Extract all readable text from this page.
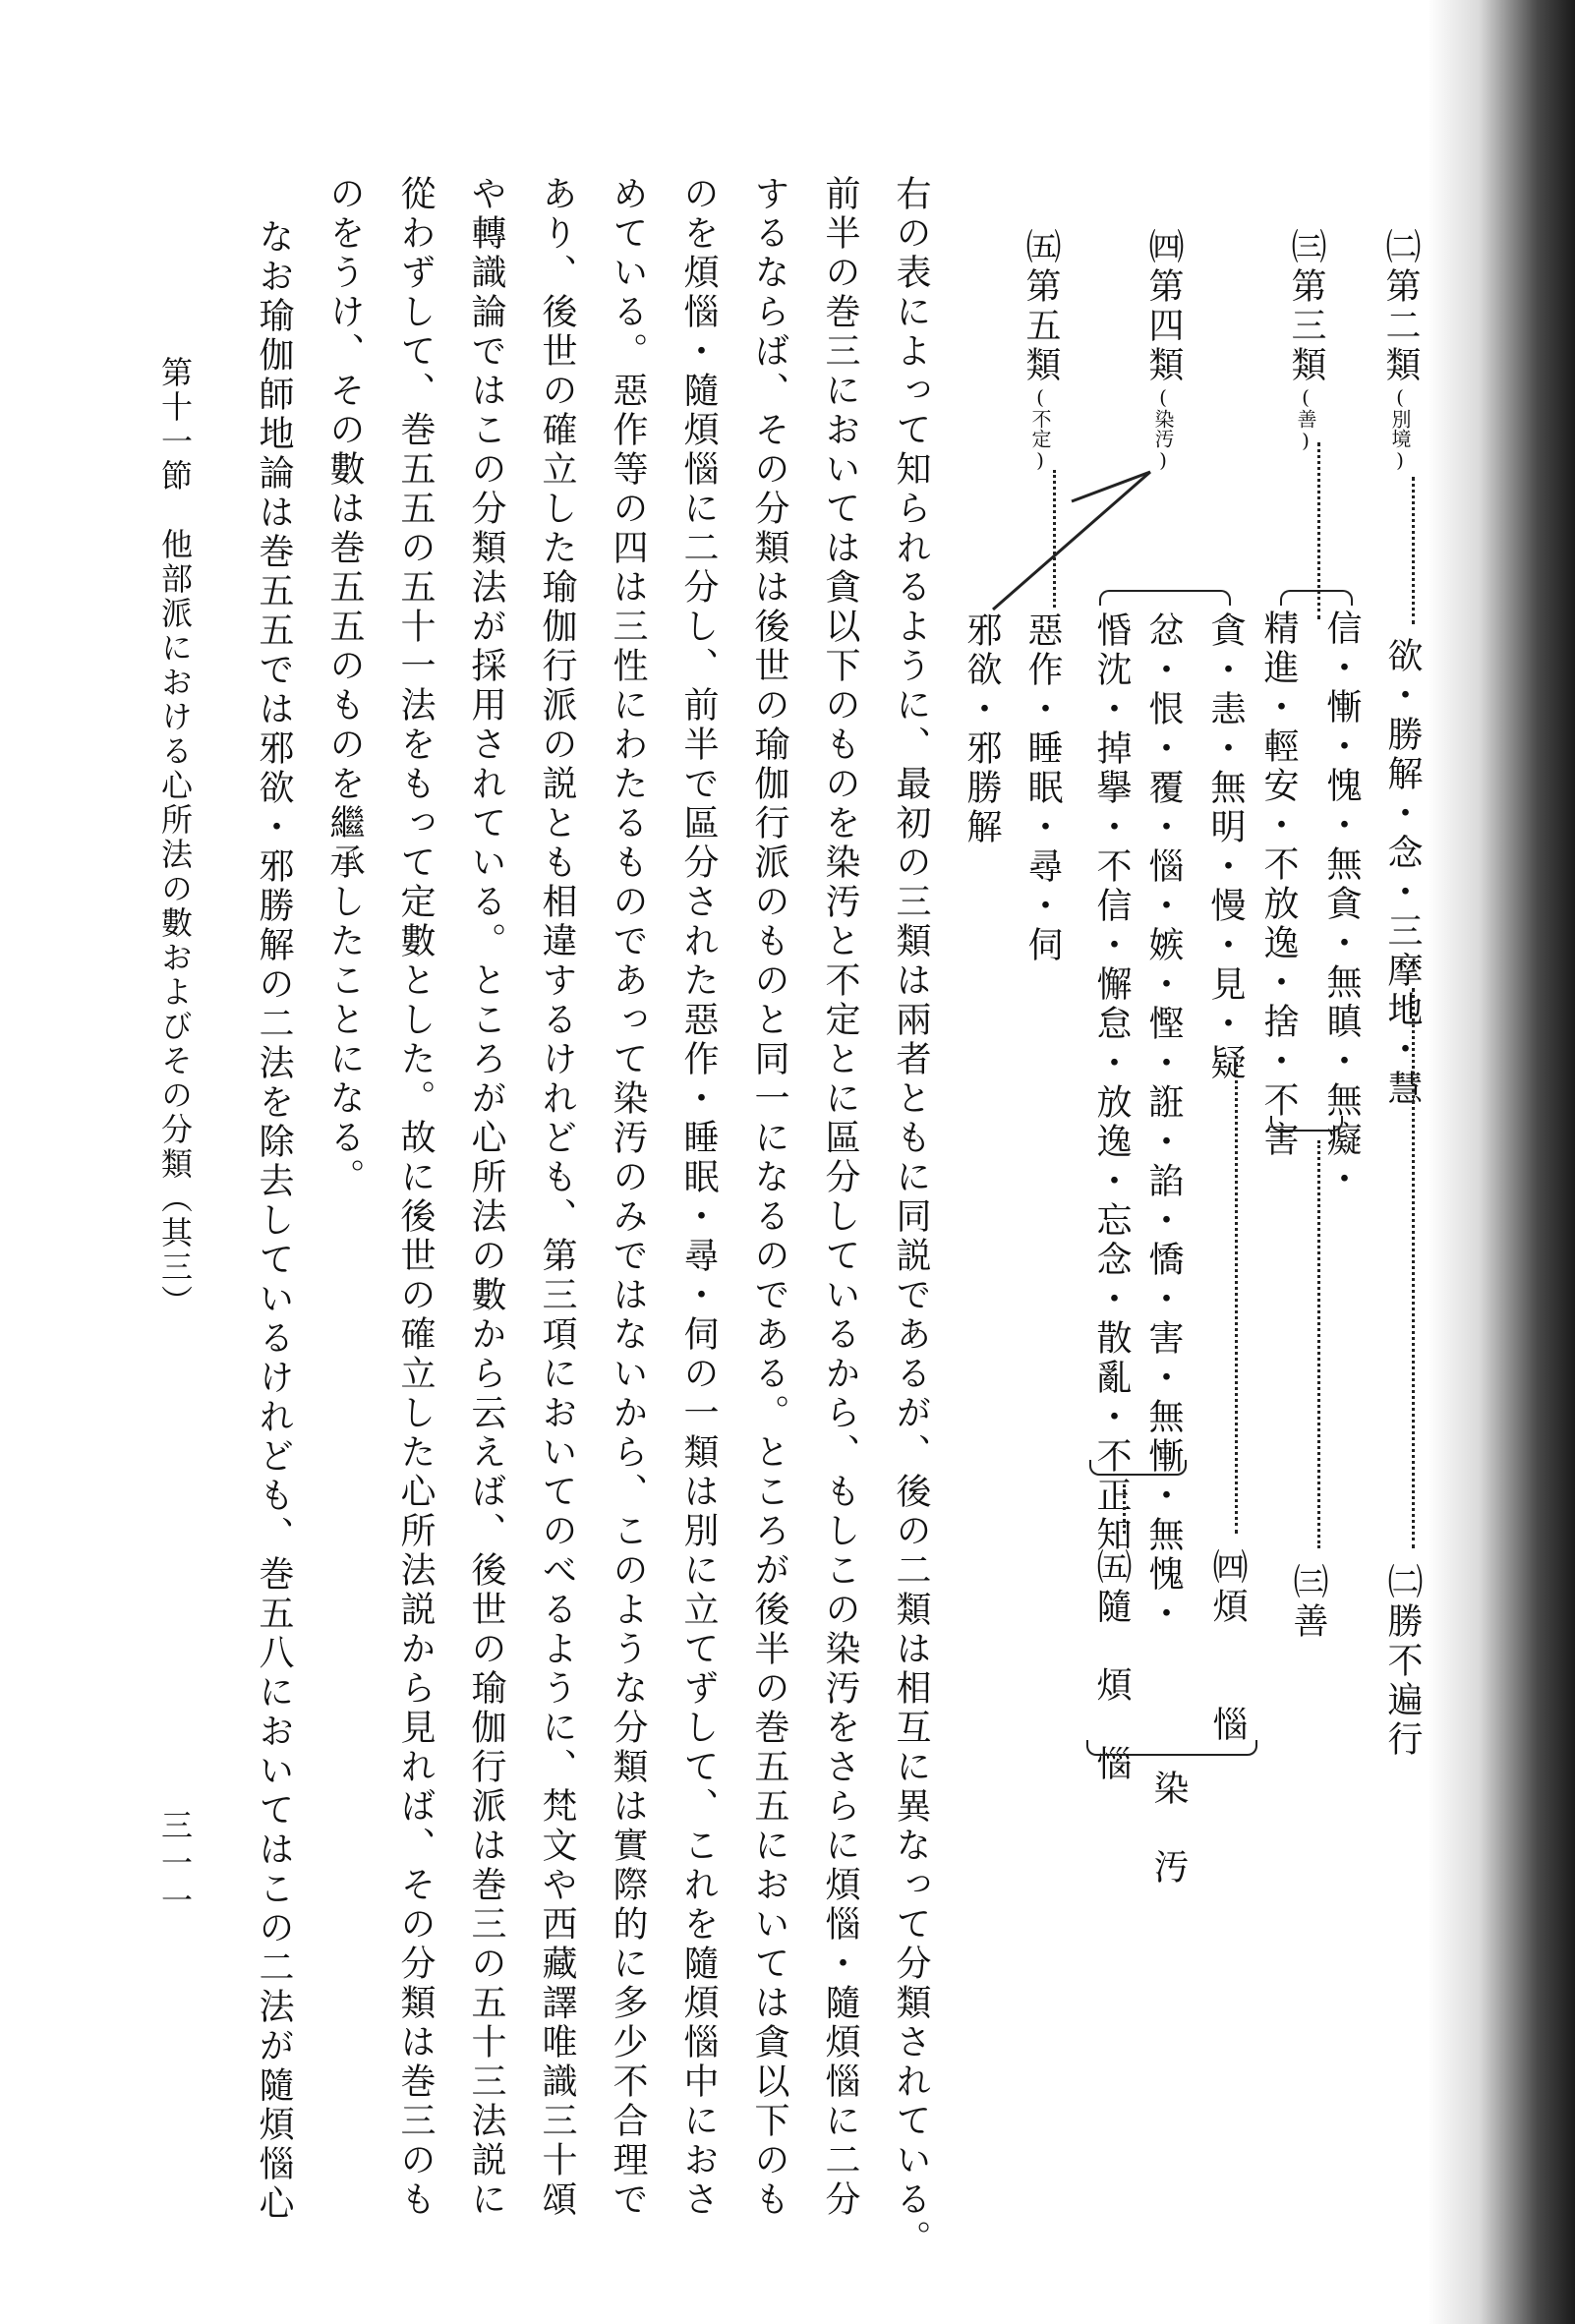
㈡第二類(別境)
欲・勝解・念・三摩地・慧
㈡勝不遍行
㈢第三類(善)
信・慚・愧・無貪・無瞋・無癡・
精進・輕安・不放逸・捨・不害
㈢善
㈣第四類(染汚)
貪・恚・無明・慢・見・疑
忿・恨・覆・惱・嫉・慳・誑・諂・憍・害・無慚・無愧・
惛沈・掉擧・不信・懈怠・放逸・忘念・散亂・不正知
㈣煩　　惱
㈤隨　煩　惱
染　汚
㈤第五類(不定)
惡作・睡眠・尋・伺
邪欲・邪勝解
右の表によって知られるように、最初の三類は兩者ともに同説であるが、後の二類は相互に異なって分類されている。
前半の巻三においては貪以下のものを染汚と不定とに區分しているから、もしこの染汚をさらに煩惱・隨煩惱に二分
するならば、その分類は後世の瑜伽行派のものと同一になるのである。ところが後半の巻五五においては貪以下のも
のを煩惱・隨煩惱に二分し、前半で區分された惡作・睡眠・尋・伺の一類は別に立てずして、これを隨煩惱中におさ
めている。惡作等の四は三性にわたるものであって染汚のみではないから、このような分類は實際的に多少不合理で
あり、後世の確立した瑜伽行派の説とも相違するけれども、第三項においてのべるように、梵文や西藏譯唯識三十頌
や轉識論ではこの分類法が採用されている。ところが心所法の數から云えば、後世の瑜伽行派は巻三の五十三法説に
從わずして、巻五五の五十一法をもって定數とした。故に後世の確立した心所法説から見れば、その分類は巻三のも
のをうけ、その數は巻五五のものを繼承したことになる。
なお瑜伽師地論は巻五五では邪欲・邪勝解の二法を除去しているけれども、巻五八においてはこの二法が隨煩惱心
第十一節　他部派における心所法の數およびその分類（其三）
三一一
